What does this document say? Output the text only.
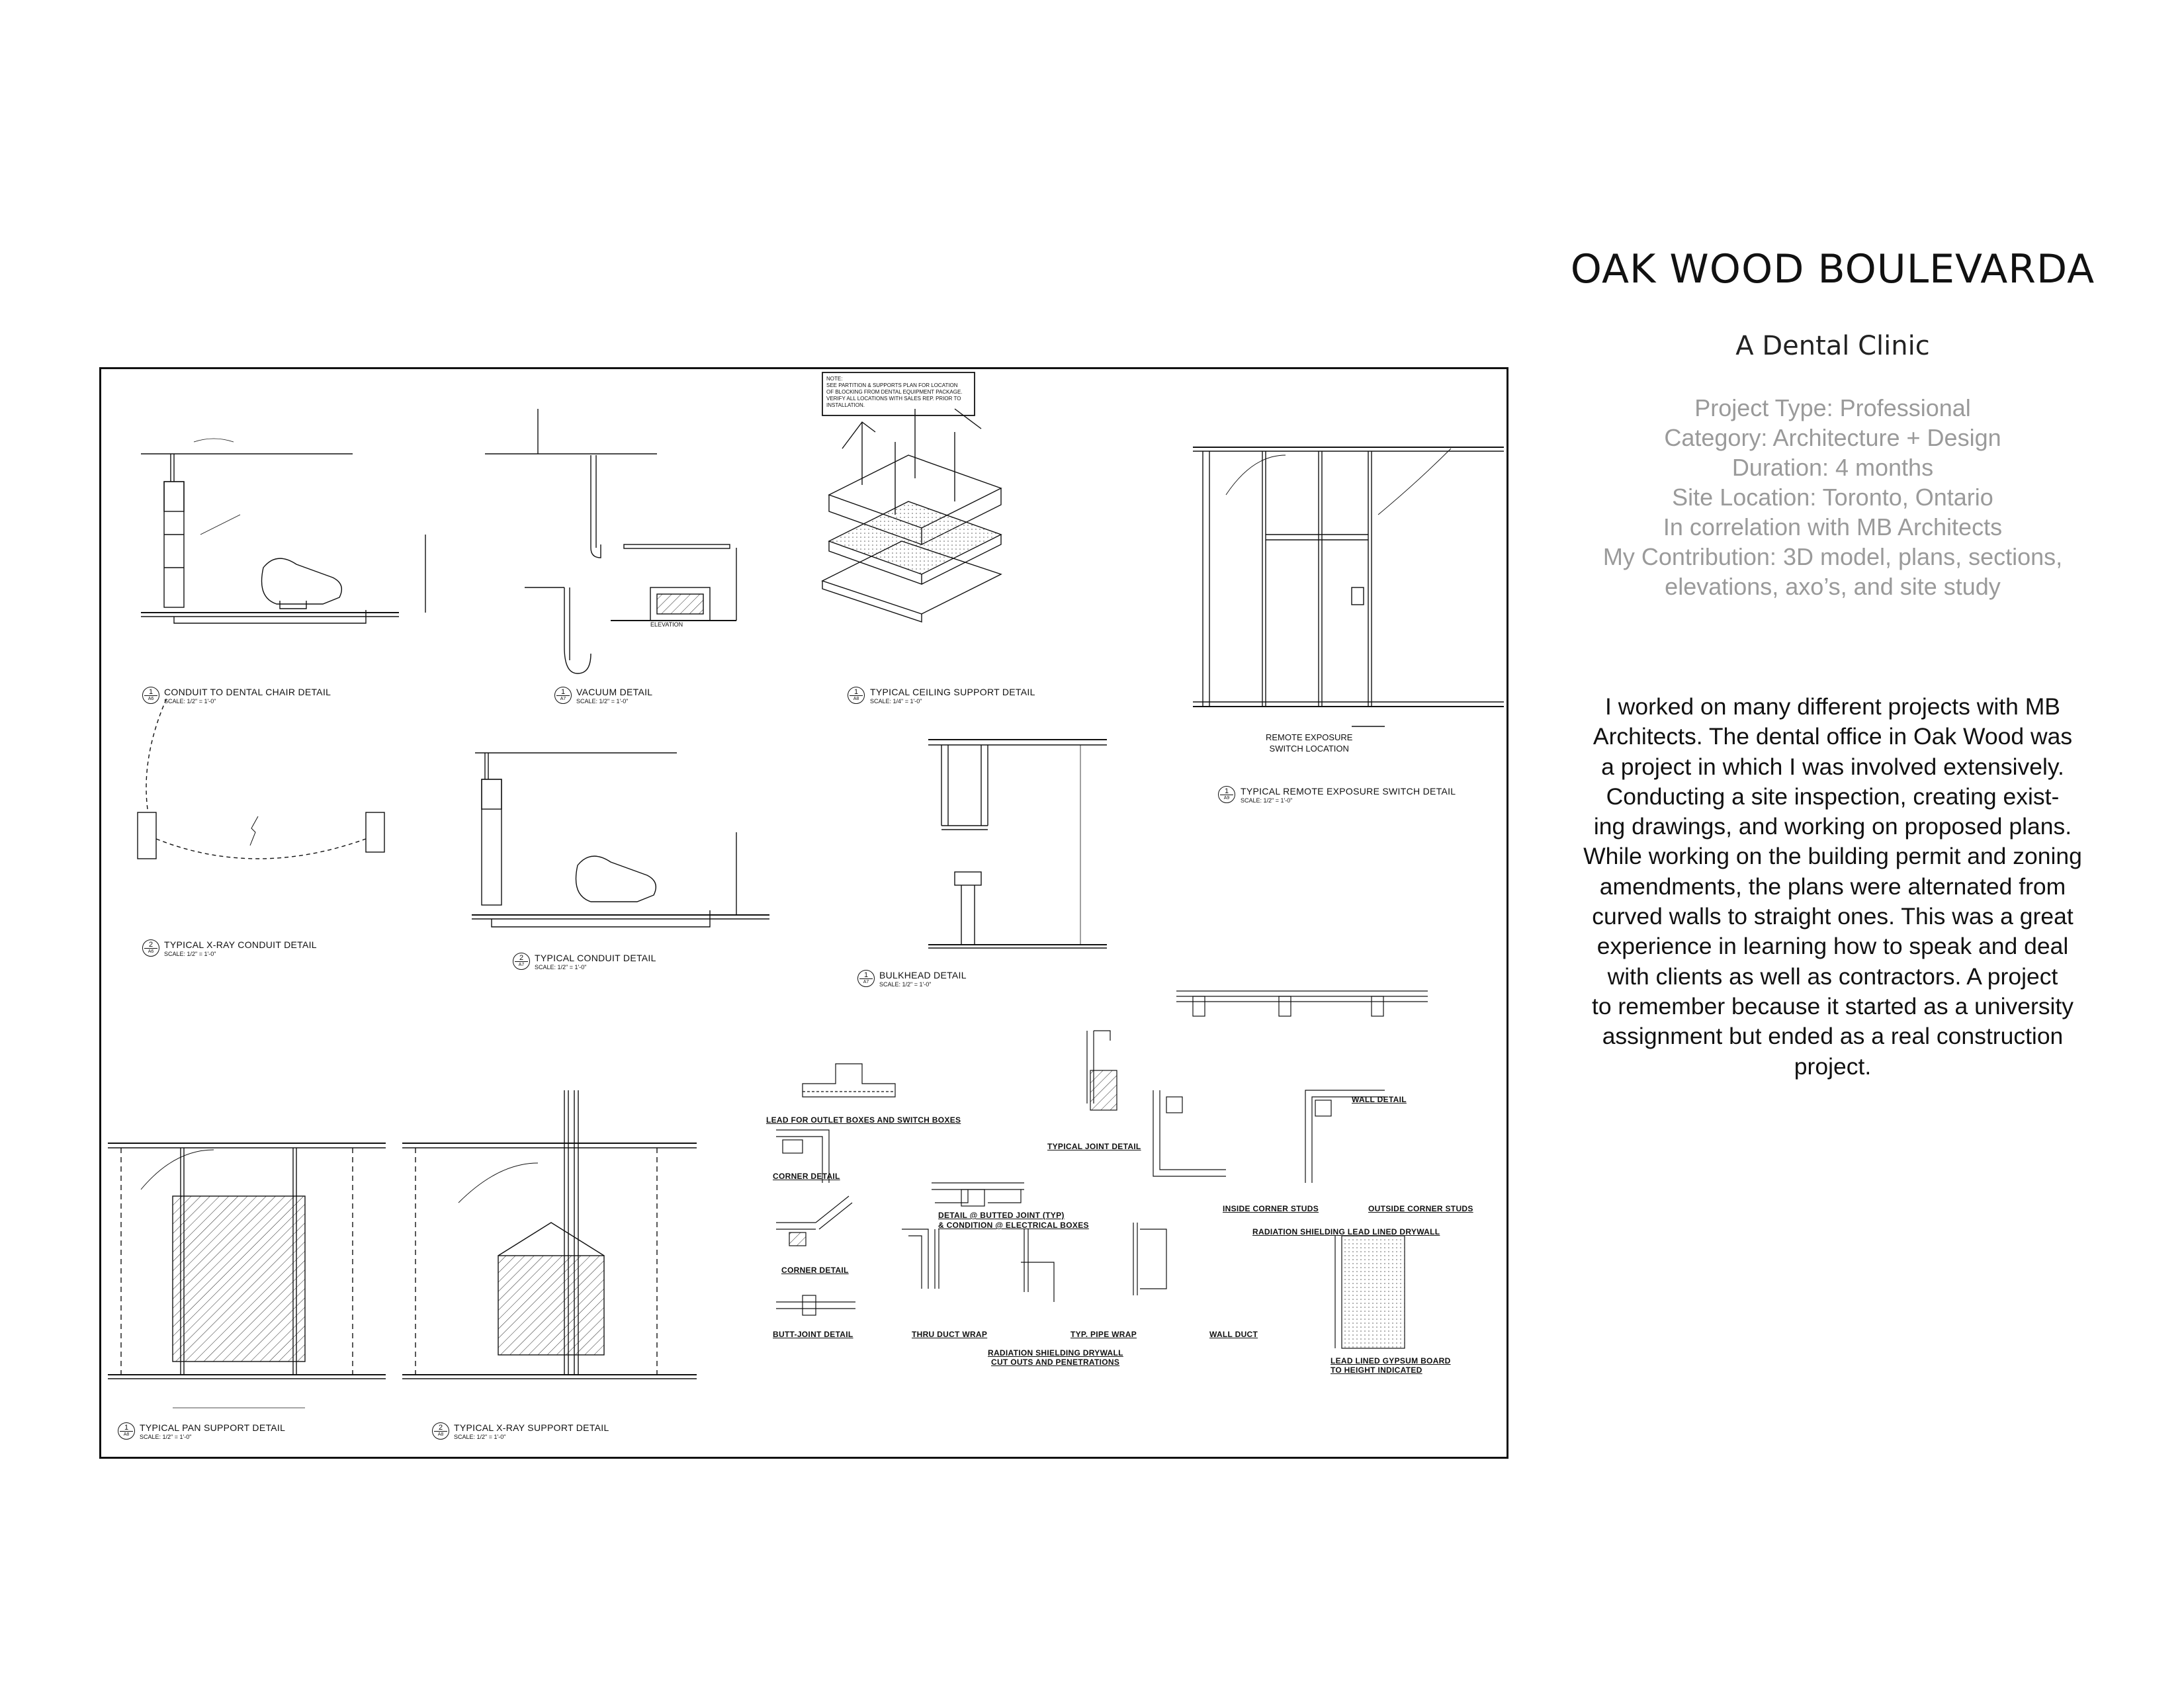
OAK WOOD BOULEVARDA
A Dental Clinic
Project Type: Professional
Category: Architecture + Design
Duration: 4 months
Site Location: Toronto, Ontario
In correlation with MB Architects
My Contribution: 3D model, plans, sections,
elevations, axo’s, and site study
I worked on many different projects with MB
Architects. The dental office in Oak Wood was
a project in which I was involved extensively.
Conducting a site inspection, creating exist-
ing drawings, and working on proposed plans.
While working on the building permit and zoning
amendments, the plans were alternated from
curved walls to straight ones. This was a great
experience in learning how to speak and deal
with clients as well as contractors. A project
to remember because it started as a university
assignment but ended as a real construction
project.
1
A6
CONDUIT TO DENTAL CHAIR DETAIL
SCALE: 1/2" = 1'-0"
1
A7
VACUUM DETAIL
SCALE: 1/2" = 1'-0"
1
A8
TYPICAL CEILING SUPPORT DETAIL
SCALE: 1/4" = 1'-0"
1
A9
TYPICAL REMOTE EXPOSURE SWITCH DETAIL
SCALE: 1/2" = 1'-0"
2
A6
TYPICAL X-RAY CONDUIT DETAIL
SCALE: 1/2" = 1'-0"	2
A7
TYPICAL CONDUIT DETAIL
SCALE: 1/2" = 1'-0"
1
A7
BULKHEAD DETAIL
SCALE: 1/2" = 1'-0"
1
A8
TYPICAL PAN SUPPORT DETAIL
SCALE: 1/2" = 1'-0"
2
A8
TYPICAL X-RAY SUPPORT DETAIL
SCALE: 1/2" = 1'-0"
LEAD FOR OUTLET BOXES AND SWITCH BOXES
TYPICAL JOINT DETAIL
CORNER DETAIL
DETAIL @ BUTTED JOINT (TYP)
& CONDITION @ ELECTRICAL BOXES
CORNER DETAIL
BUTT-JOINT DETAIL	THRU DUCT WRAP	TYP. PIPE WRAP	WALL DUCT
RADIATION SHIELDING DRYWALL
CUT OUTS AND PENETRATIONS
WALL DETAIL
INSIDE CORNER STUDS	OUTSIDE CORNER STUDS
RADIATION SHIELDING LEAD LINED DRYWALL
LEAD LINED GYPSUM BOARD
TO HEIGHT INDICATED
NOTE:
SEE PARTITION & SUPPORTS PLAN FOR LOCATION
OF BLOCKING FROM DENTAL EQUIPMENT PACKAGE.
VERIFY ALL LOCATIONS WITH SALES REP. PRIOR TO
INSTALLATION.
REMOTE EXPOSURE
SWITCH LOCATION
ELEVATION
